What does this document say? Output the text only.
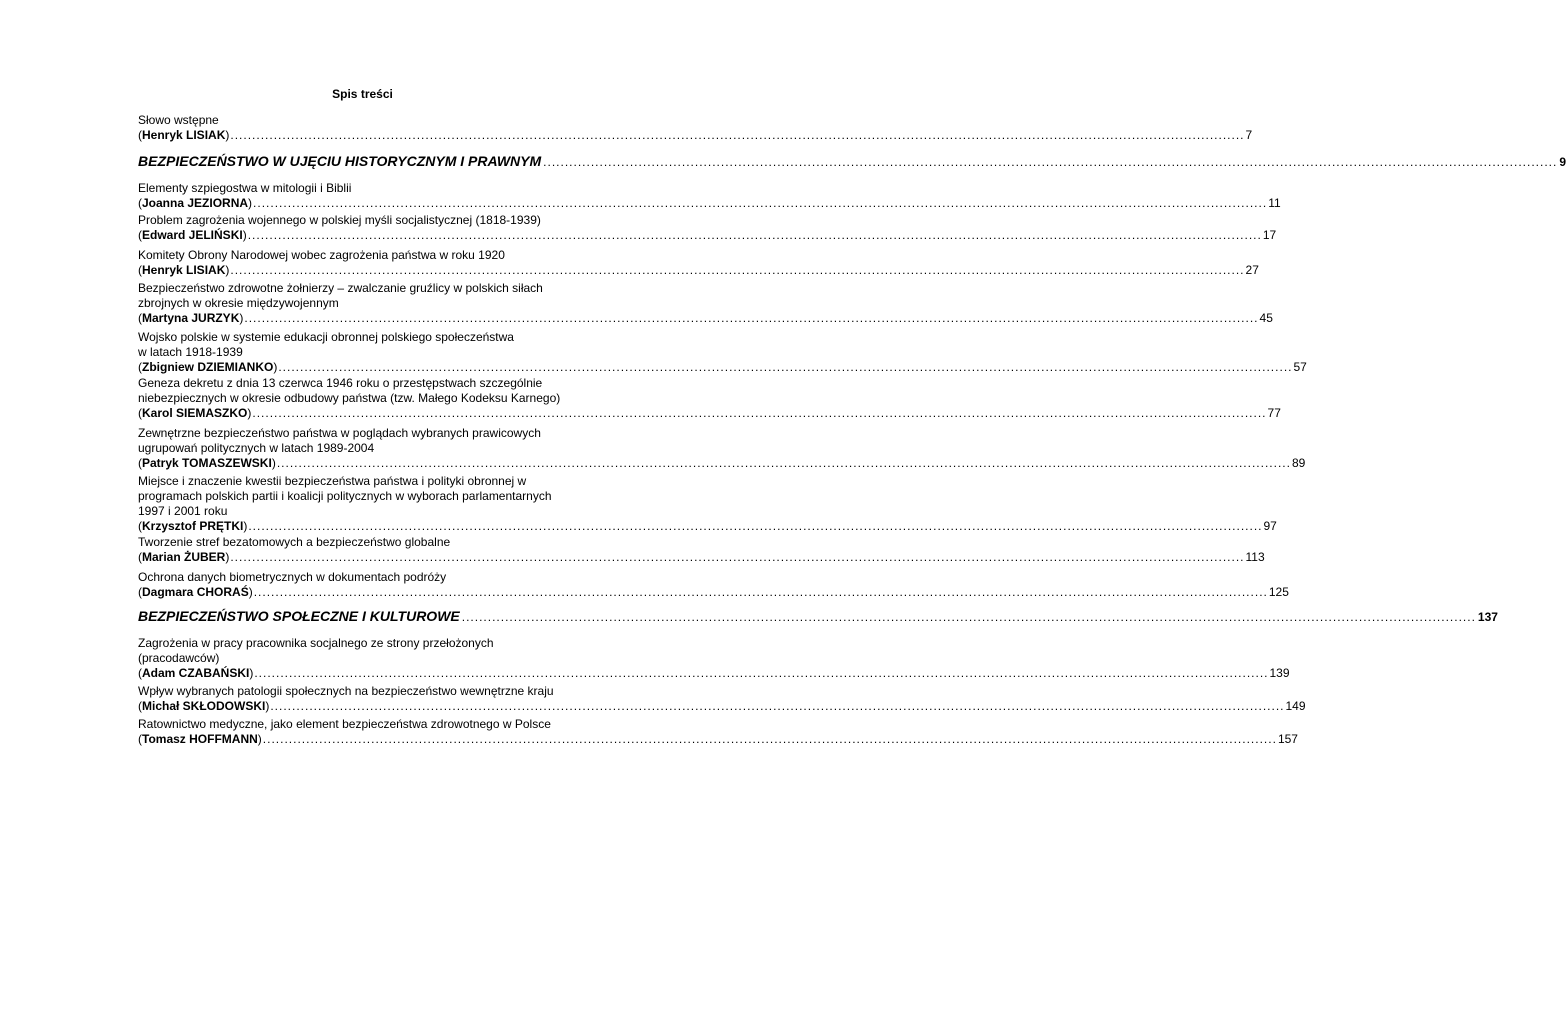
Spis treści
Słowo wstępne
(Henryk LISIAK) .......................................................................................................................................................................................................................................... 7
BEZPIECZEŃSTWO W UJĘCIU HISTORYCZNYM I PRAWNYM .......................................................................................................................................................................................................................................... 9
Elementy szpiegostwa w mitologii i Biblii
(Joanna JEZIORNA) .......................................................................................................................................................................................................................................... 11
Problem zagrożenia wojennego w polskiej myśli socjalistycznej (1818-1939)
(Edward JELIŃSKI) .......................................................................................................................................................................................................................................... 17
Komitety Obrony Narodowej wobec zagrożenia państwa w roku 1920
(Henryk LISIAK) .......................................................................................................................................................................................................................................... 27
Bezpieczeństwo zdrowotne żołnierzy – zwalczanie gruźlicy w polskich siłach
zbrojnych w okresie międzywojennym
(Martyna JURZYK) .......................................................................................................................................................................................................................................... 45
Wojsko polskie w systemie edukacji obronnej polskiego społeczeństwa
w latach 1918-1939
(Zbigniew DZIEMIANKO) .......................................................................................................................................................................................................................................... 57
Geneza dekretu z dnia 13 czerwca 1946 roku o przestępstwach szczególnie
niebezpiecznych w okresie odbudowy państwa (tzw. Małego Kodeksu Karnego)
(Karol SIEMASZKO) .......................................................................................................................................................................................................................................... 77
Zewnętrzne bezpieczeństwo państwa w poglądach wybranych prawicowych
ugrupowań politycznych w latach 1989-2004
(Patryk TOMASZEWSKI) .......................................................................................................................................................................................................................................... 89
Miejsce i znaczenie kwestii bezpieczeństwa państwa i polityki obronnej w
programach polskich partii i koalicji politycznych w wyborach parlamentarnych
1997 i 2001 roku
(Krzysztof PRĘTKI) .......................................................................................................................................................................................................................................... 97
Tworzenie stref bezatomowych a bezpieczeństwo globalne
(Marian ŻUBER) .......................................................................................................................................................................................................................................... 113
Ochrona danych biometrycznych w dokumentach podróży
(Dagmara CHORAŚ) .......................................................................................................................................................................................................................................... 125
BEZPIECZEŃSTWO SPOŁECZNE I KULTUROWE .......................................................................................................................................................................................................................................... 137
Zagrożenia w pracy pracownika socjalnego ze strony przełożonych
(pracodawców)
(Adam CZABAŃSKI) .......................................................................................................................................................................................................................................... 139
Wpływ wybranych patologii społecznych na bezpieczeństwo wewnętrzne kraju
(Michał SKŁODOWSKI) .......................................................................................................................................................................................................................................... 149
Ratownictwo medyczne, jako element bezpieczeństwa zdrowotnego w Polsce
(Tomasz HOFFMANN) .......................................................................................................................................................................................................................................... 157
